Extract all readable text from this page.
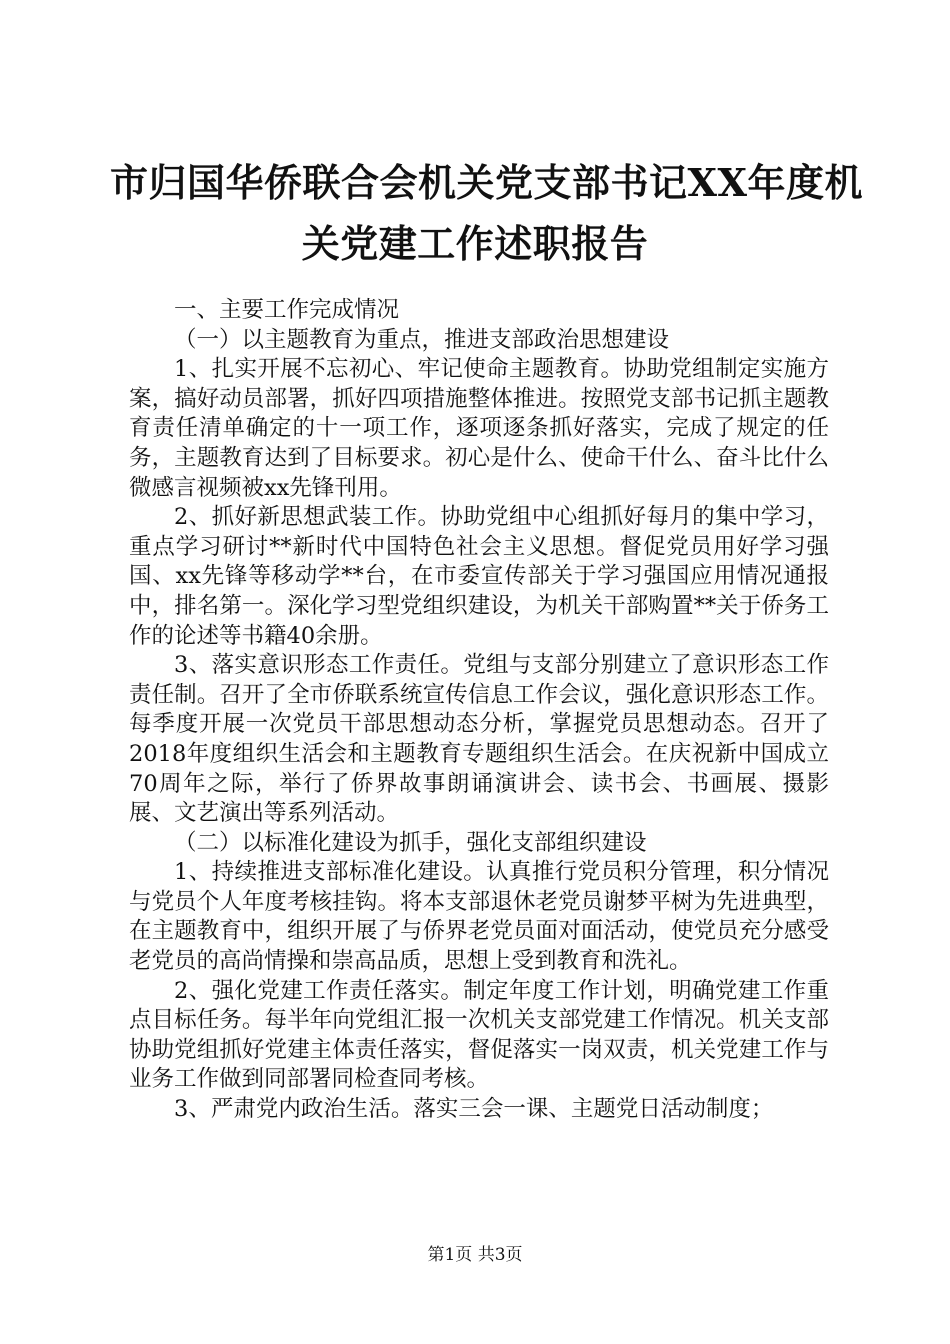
市归国华侨联合会机关党支部书记XX年度机
关党建工作述职报告

一、主要工作完成情况

（一）以主题教育为重点，推进支部政治思想建设

1、扎实开展不忘初心、牢记使命主题教育。协助党组制定实施方案，搞好动员部署，抓好四项措施整体推进。按照党支部书记抓主题教育责任清单确定的十一项工作，逐项逐条抓好落实，完成了规定的任务，主题教育达到了目标要求。初心是什么、使命干什么、奋斗比什么微感言视频被xx先锋刊用。

2、抓好新思想武装工作。协助党组中心组抓好每月的集中学习，重点学习研讨**新时代中国特色社会主义思想。督促党员用好学习强国、xx先锋等移动学**台，在市委宣传部关于学习强国应用情况通报中，排名第一。深化学习型党组织建设，为机关干部购置**关于侨务工作的论述等书籍40余册。

3、落实意识形态工作责任。党组与支部分别建立了意识形态工作责任制。召开了全市侨联系统宣传信息工作会议，强化意识形态工作。每季度开展一次党员干部思想动态分析，掌握党员思想动态。召开了2018年度组织生活会和主题教育专题组织生活会。在庆祝新中国成立70周年之际，举行了侨界故事朗诵演讲会、读书会、书画展、摄影展、文艺演出等系列活动。

（二）以标准化建设为抓手，强化支部组织建设

1、持续推进支部标准化建设。认真推行党员积分管理，积分情况与党员个人年度考核挂钩。将本支部退休老党员谢梦平树为先进典型，在主题教育中，组织开展了与侨界老党员面对面活动，使党员充分感受老党员的高尚情操和崇高品质，思想上受到教育和洗礼。

2、强化党建工作责任落实。制定年度工作计划，明确党建工作重点目标任务。每半年向党组汇报一次机关支部党建工作情况。机关支部协助党组抓好党建主体责任落实，督促落实一岗双责，机关党建工作与业务工作做到同部署同检查同考核。

3、严肃党内政治生活。落实三会一课、主题党日活动制度；

第1页 共3页
